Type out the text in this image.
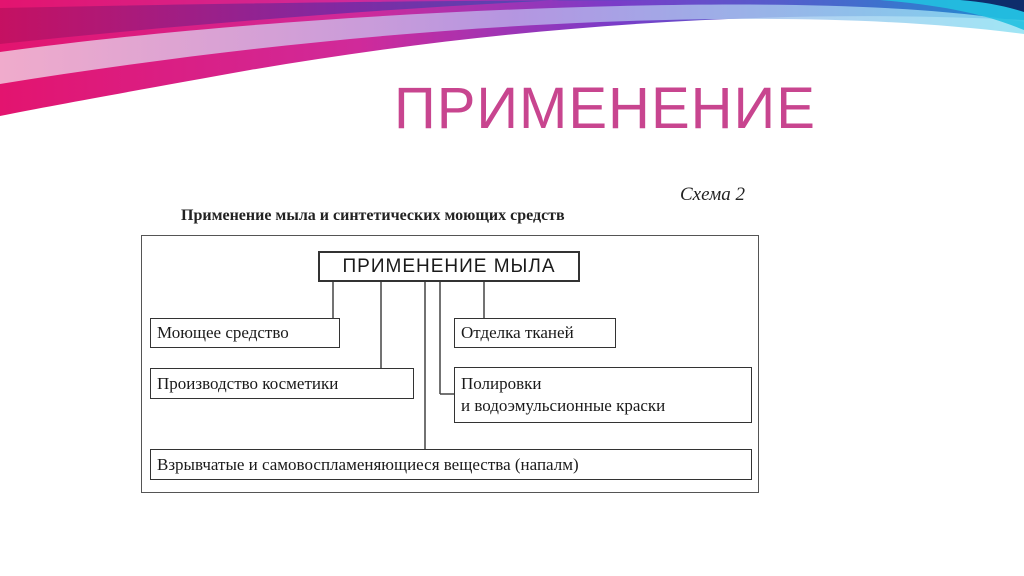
ПРИМЕНЕНИЕ
Схема 2
Применение мыла и синтетических моющих средств
ПРИМЕНЕНИЕ МЫЛА
Моющее средство
Производство косметики
Отделка тканей
Полировки
и водоэмульсионные краски
Взрывчатые и самовоспламеняющиеся вещества (напалм)
